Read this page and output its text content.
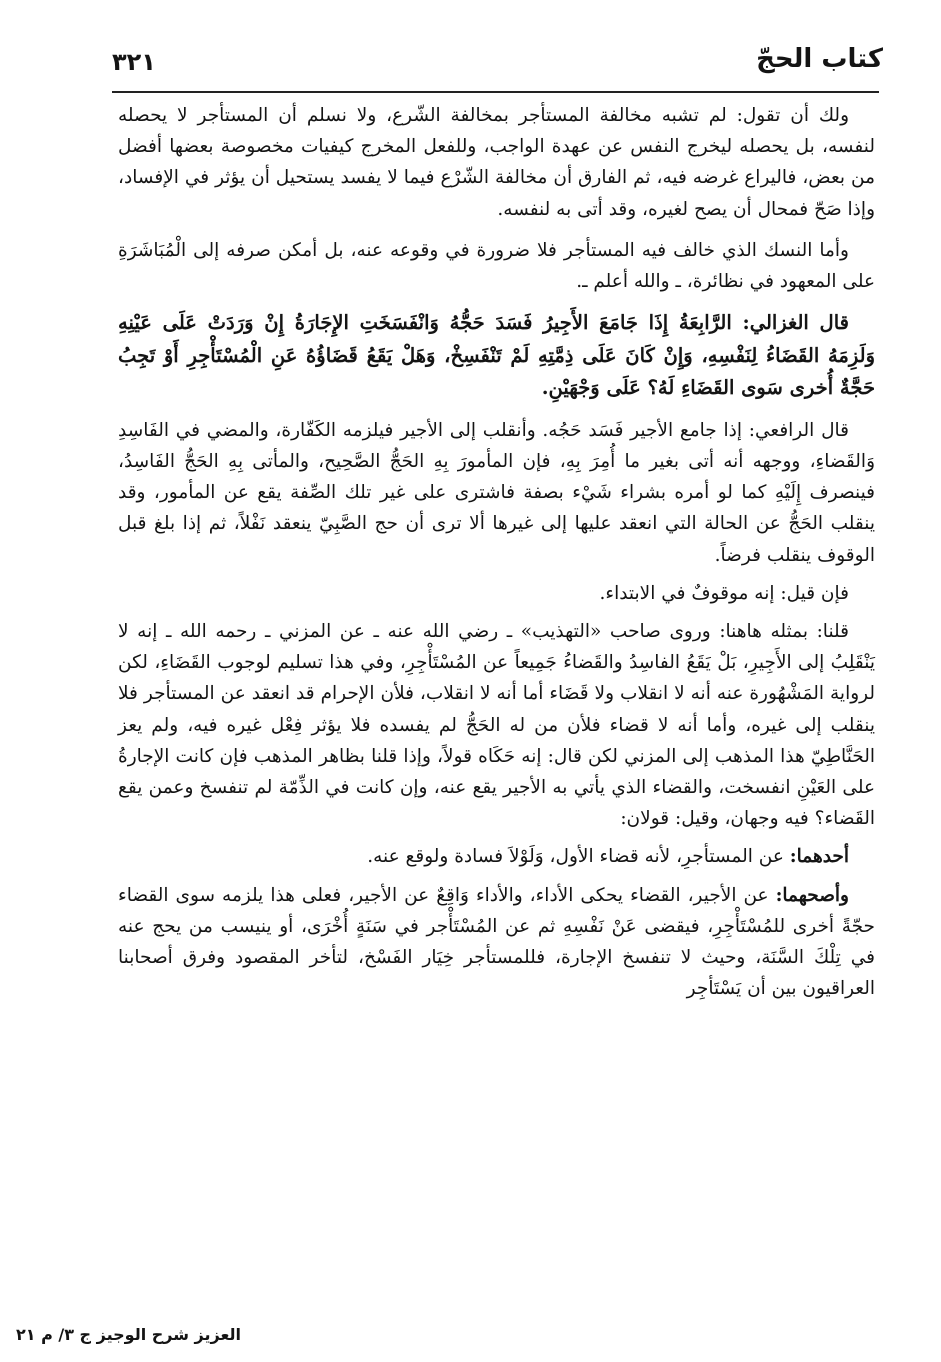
كتاب الحجّ
٣٢١

ولك أن تقول: لم تشبه مخالفة المستأجر بمخالفة الشّرع، ولا نسلم أن المستأجر لا يحصله لنفسه، بل يحصله ليخرج النفس عن عهدة الواجب، وللفعل المخرج كيفيات مخصوصة بعضها أفضل من بعض، فاليراع غرضه فيه، ثم الفارق أن مخالفة الشّرْع فيما لا يفسد يستحيل أن يؤثر في الإفساد، وإذا صَحّ فمحال أن يصح لغيره، وقد أتى به لنفسه.

وأما النسك الذي خالف فيه المستأجر فلا ضرورة في وقوعه عنه، بل أمكن صرفه إلى الْمُبَاشَرَةِ على المعهود في نظائرة، ـ والله أعلم ـ.

قال الغزالي: الرَّابِعَةُ إِذَا جَامَعَ الأَجِيرُ فَسَدَ حَجُّهُ وَانْفَسَخَتِ الإِجَارَةُ إِنْ وَرَدَتْ عَلَى عَيْنِهِ وَلَزِمَهُ القَضَاءُ لِنَفْسِهِ، وَإِنْ كَانَ عَلَى ذِمَّتِهِ لَمْ تَنْفَسِخْ، وَهَلْ يَقَعُ قَضَاؤُهُ عَنِ الْمُسْتَأْجِرِ أَوْ تَجِبُ حَجَّةٌ أُخرى سَوى القَضَاءِ لَهُ؟ عَلَى وَجْهَيْنِ.

قال الرافعي: إذا جامع الأجير فَسَد حَجُه. وأنقلب إلى الأجير فيلزمه الكَفّارة، والمضي في الفَاسِدِ وَالقَضاءِ، ووجهه أنه أتى بغير ما أُمِرَ بِهِ، فإن المأمورَ بِهِ الحَجُّ الصَّحِيح، والمأتى بِهِ الحَجُّ الفَاسِدُ، فينصرف إِلَيْهِ كما لو أمره بشراء شَيْء بصفة فاشترى على غير تلك الصِّفة يقع عن المأمور، وقد ينقلب الحَجُّ عن الحالة التي انعقد عليها إلى غيرها ألا ترى أن حج الصَّبِيّ ينعقد نَفْلاً، ثم إذا بلغ قبل الوقوف ينقلب فرضاً.

فإن قيل: إنه موقوفٌ في الابتداء.

قلنا: بمثله هاهنا: وروى صاحب «التهذيب» ـ رضي الله عنه ـ عن المزني ـ رحمه الله ـ إنه لا يَنْقَلِبُ إلى الأَجِيرِ، بَلْ يَقَعُ الفاسِدُ والقَضاءُ جَمِيعاً عن المُسْتَأْجِرِ، وفي هذا تسليم لوجوب القَضَاءِ، لكن لرواية المَشْهُورة عنه أنه لا انقلاب ولا قَضَاء أما أنه لا انقلاب، فلأن الإحرام قد انعقد عن المستأجر فلا ينقلب إلى غيره، وأما أنه لا قضاء فلأن من له الحَجُّ لم يفسده فلا يؤثر فِعْل غيره فيه، ولم يعز الحَنَّاطِيّ هذا المذهب إلى المزني لكن قال: إنه حَكَاه قولاً، وإذا قلنا بظاهر المذهب فإن كانت الإجارةُ على العَيْنِ انفسخت، والقضاء الذي يأتي به الأجير يقع عنه، وإن كانت في الذِّمّة لم تنفسخ وعمن يقع القَضاء؟ فيه وجهان، وقيل: قولان:

أحدهما: عن المستأجرِ، لأنه قضاء الأول، وَلَوْلاَ فسادة ولوقع عنه.

وأصحهما: عن الأجير، القضاء يحكى الأداء، والأداء وَاقِعٌ عن الأجير، فعلى هذا يلزمه سوى القضاء حجّةً أخرى للمُسْتَأْجِرِ، فيقضى عَنْ نَفْسِهِ ثم عن المُسْتَأْجر في سَنَةٍ أُخْرَى، أو ينيسب من يحج عنه في تِلْكَ السَّنَة، وحيث لا تنفسخ الإجارة، فللمستأجر خِيَار الفَسْخ، لتأخر المقصود وفرق أصحابنا العراقيون بين أن يَسْتَأجِر

العزيز شرح الوجيز ج ٣/ م ٢١
